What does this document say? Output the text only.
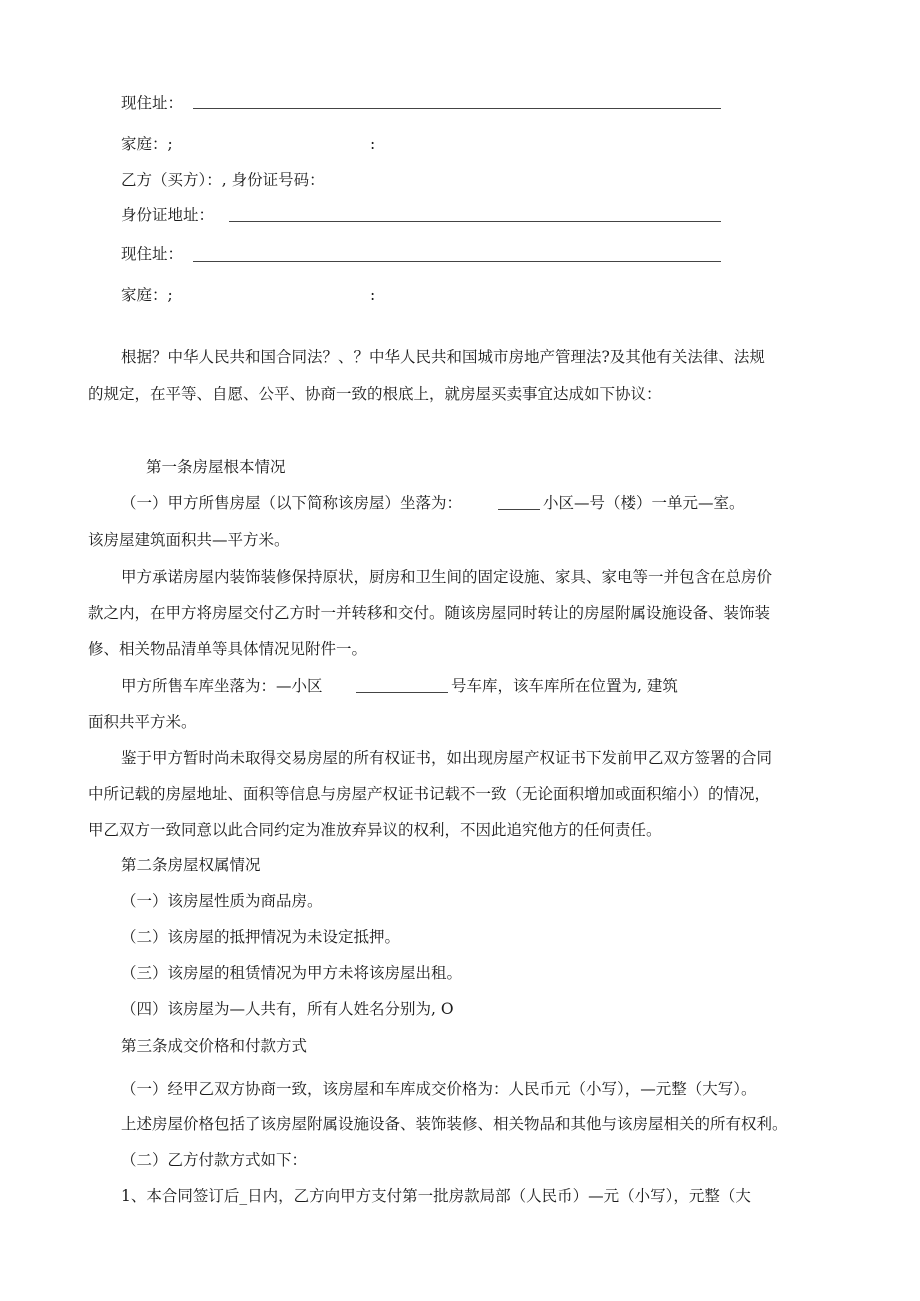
现住址：
家庭：;	:
乙方（买方）：, 身份证号码：
身份证地址：
现住址：
家庭：;	:
根据？中华人民共和国合同法？、？中华人民共和国城市房地产管理法?及其他有关法律、法规
的规定，在平等、自愿、公平、协商一致的根底上，就房屋买卖事宜达成如下协议：
第一条房屋根本情况
（一）甲方所售房屋（以下简称该房屋）坐落为：	小区—号（楼）一单元—室。
该房屋建筑面积共—平方米。
甲方承诺房屋内装饰装修保持原状，厨房和卫生间的固定设施、家具、家电等一并包含在总房价
款之内，在甲方将房屋交付乙方时一并转移和交付。随该房屋同时转让的房屋附属设施设备、装饰装
修、相关物品清单等具体情况见附件一。
甲方所售车库坐落为：—小区	号车库，该车库所在位置为, 建筑
面积共平方米。
鉴于甲方暂时尚未取得交易房屋的所有权证书，如出现房屋产权证书下发前甲乙双方签署的合同
中所记载的房屋地址、面积等信息与房屋产权证书记载不一致（无论面积增加或面积缩小）的情况，
甲乙双方一致同意以此合同约定为准放弃异议的权利，不因此追究他方的任何责任。
第二条房屋权属情况
（一）该房屋性质为商品房。
（二）该房屋的抵押情况为未设定抵押。
（三）该房屋的租赁情况为甲方未将该房屋出租。
（四）该房屋为—人共有，所有人姓名分别为, O
第三条成交价格和付款方式
（一）经甲乙双方协商一致，该房屋和车库成交价格为：人民币元（小写），—元整（大写）。
上述房屋价格包括了该房屋附属设施设备、装饰装修、相关物品和其他与该房屋相关的所有权利。
（二）乙方付款方式如下：
1、本合同签订后_日内，乙方向甲方支付第一批房款局部（人民币）—元（小写），元整（大
